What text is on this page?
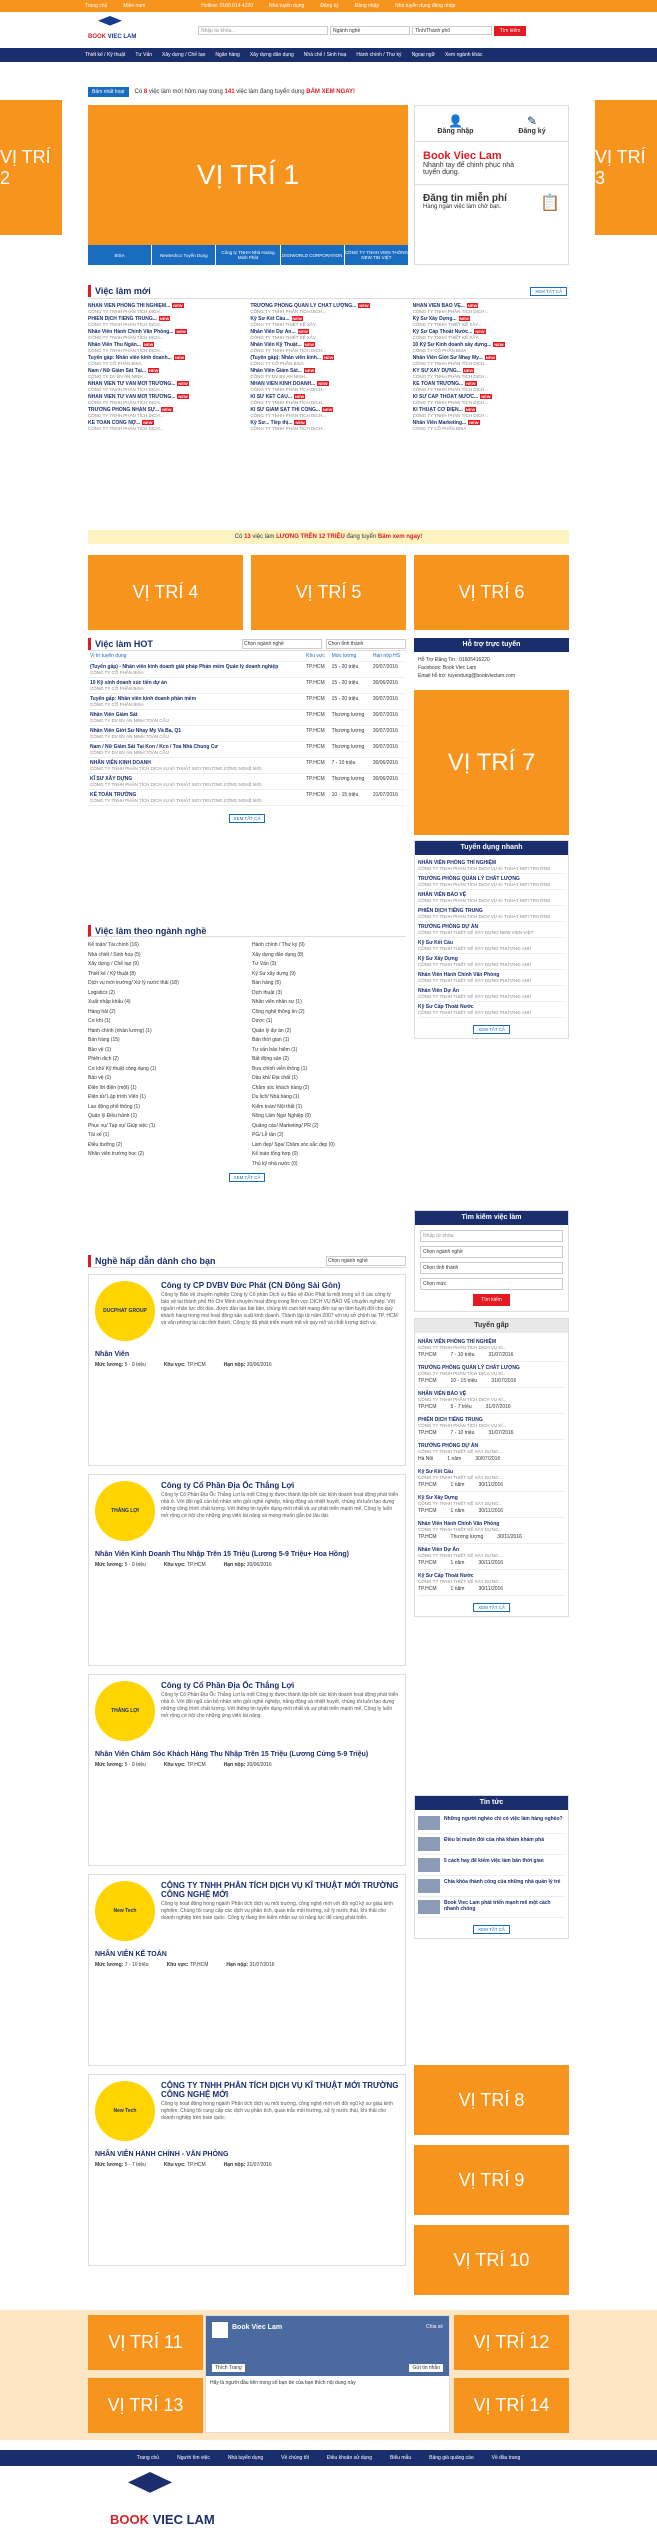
Trang chủ	Miền nam	Hotline: 0160 614 4220	Nhà tuyển dụng	Đăng ký	Đăng nhập	Nhà tuyển dụng đăng nhập
BOOK VIEC LAM
Nhập từ khóa...	Ngành nghề	Tỉnh/Thành phố	Tìm kiếm
Thiết kế / Kỹ thuật Tư Vấn Xây dựng / Chế tạo Ngân hàng Xây dựng dân dụng Nhà chế / Sinh hoạ Hành chính / Thư ký Ngoại ngữ Xem ngành khác
VỊ TRÍ 2
VỊ TRÍ 3
Bấm nhất hoạt	Có 8 việc làm mới hôm nay trong 141 việc làm đang tuyển dụng BẤM XEM NGAY!
VỊ TRÍ 1
BISA	Newtechco Tuyển Dụng	Công ty TNHH Nhà Hoàng Minh Phát	DIGIWORLD CORPORATION CÔNG TY TNHH VIEN THÔNG NEW TIN VIỆT
👤
Đăng nhập
✎
Đăng ký
Book Viec Lam
Nhanh tay để chinh phục nhà tuyển dụng.
Đăng tin miễn phí
Hàng ngàn việc làm chờ bạn.	📋
Việc làm mới	XEM TẤT CẢ
NHÂN VIÊN PHÒNG THÍ NGHIỆM... NEW
CÔNG TY TNHH PHÂN TÍCH DỊCH...
TRƯỞNG PHÒNG QUẢN LÝ CHẤT LƯỢNG... NEW
CÔNG TY TNHH PHÂN TÍCH DỊCH...
NHÂN VIÊN BẢO VỆ... NEW
CÔNG TY TNHH PHÂN TÍCH DỊCH...
PHIÊN DỊCH TIẾNG TRUNG... NEW
CÔNG TY TNHH PHÂN TÍCH DỊCH...
Kỹ Sư Kết Cấu... NEW
CÔNG TY TNHH THIẾT KẾ XÂY...
Kỹ Sư Xây Dựng... NEW
CÔNG TY TNHH THIẾT KẾ XÂY...
Nhân Viên Hành Chính Văn Phòng... NEW
CÔNG TY TNHH PHÂN TÍCH DỊCH...
Nhân Viên Dự Án... NEW
CÔNG TY TNHH THIẾT KẾ XÂY...
Kỹ Sư Cấp Thoát Nước... NEW
CÔNG TY TNHH THIẾT KẾ XÂY...
Nhân Viên Thu Ngân... NEW
CÔNG TY TNHH PHÂN TÍCH DỊCH...
Nhân Viên Kỹ Thuật... NEW
CÔNG TY TNHH PHÂN TÍCH DỊCH...
10 Kỹ Sư Kinh doanh xây dựng... NEW
CÔNG TY CỔ PHẦN BISA
Tuyển gấp: Nhân viên kinh doanh... NEW
CÔNG TY CỔ PHẦN BISA
(Tuyển gấp): Nhân viên kinh... NEW
CÔNG TY CỔ PHẦN BISA
Nhân Viên Giới Sư Nhay My... NEW
CÔNG TY TNHH PHÂN TÍCH DỊCH...
Nam / Nữ Giám Sát Tại... NEW
CÔNG TY DV BV AN NINH...
Nhân Viên Giám Sát... NEW
CÔNG TY DV BV AN NINH...
KỸ SƯ XÂY DỰNG... NEW
CÔNG TY TNHH PHÂN TÍCH DỊCH...
NHÂN VIÊN TƯ VẤN MỚI TRƯỜNG... NEW
CÔNG TY TNHH PHÂN TÍCH DỊCH...
NHÂN VIÊN KINH DOANH... NEW
CÔNG TY TNHH PHÂN TÍCH DỊCH...
KẾ TOÁN TRƯỞNG... NEW
CÔNG TY TNHH PHÂN TÍCH DỊCH...
NHÂN VIÊN TƯ VẤN MỚI TRƯỜNG... NEW
CÔNG TY TNHH PHÂN TÍCH DỊCH...
KĨ SƯ KẾT CẤU... NEW
CÔNG TY TNHH PHÂN TÍCH DỊCH...
KĨ SƯ CẤP THOÁT NƯỚC... NEW
CÔNG TY TNHH PHÂN TÍCH DỊCH...
TRƯỞNG PHÒNG NHÂN SỰ... NEW
CÔNG TY TNHH PHÂN TÍCH DỊCH...
KĨ SƯ GIÁM SÁT THI CÔNG... NEW
CÔNG TY TNHH PHÂN TÍCH DỊCH...
KĨ THUẬT CƠ ĐIỆN... NEW
CÔNG TY TNHH PHÂN TÍCH DỊCH...
KẾ TOÁN CÔNG NỢ... NEW
CÔNG TY TNHH PHÂN TÍCH DỊCH...
Kỹ Sư... Tiếp thị... NEW
CÔNG TY TNHH PHÂN TÍCH DỊCH...
Nhân Viên Marketing... NEW
CÔNG TY CỔ PHẦN BISA
Có 13 việc làm LƯƠNG TRÊN 12 TRIỆU đang tuyển Bấm xem ngay!
VỊ TRÍ 4	VỊ TRÍ 5	VỊ TRÍ 6
Việc làm HOT	Chọn ngành nghề	Chọn tỉnh thành
Vị trí tuyển dụng	Khu vực	Mức lương	Hạn nộp HS

(Tuyển gấp) - Nhân viên kinh doanh giải pháp Phần mềm Quản lý doanh nghiệp
CÔNG TY CỔ PHẦN BISA	TP.HCM	15 - 20 triệu	20/07/2016

10 Kỹ sinh doanh xúc tiến dự án
CÔNG TY CỔ PHẦN BISA	TP.HCM	15 - 20 triệu	30/06/2016

Tuyển gấp: Nhân viên kinh doanh phần mềm
CÔNG TY CỔ PHẦN BISA	TP.HCM	15 - 20 triệu	30/07/2016

Nhân Viên Giám Sát
CÔNG TY DV BV AN NINH TOÀN CẦU	TP.HCM	Thương lượng	30/07/2016

Nhân Viên Giới Sư Nhay My Và Ba, Q1
CÔNG TY DV BV AN NINH TOÀN CẦU	TP.HCM	Thương lượng	30/07/2016

Nam / Nữ Giám Sát Tại Kon / Kcn / Toa Nhà Chung Cư
CÔNG TY DV BV AN NINH TOÀN CẦU	TP.HCM	Thương lượng	30/07/2016

NHÂN VIÊN KINH DOANH
CÔNG TY TNHH PHÂN TÍCH DỊCH VỤ KĨ THUẬT MỚI TRƯỜNG CÔNG NGHỆ MỚI	TP.HCM	7 - 10 triệu	30/06/2016

KĨ SƯ XÂY DỰNG
CÔNG TY TNHH PHÂN TÍCH DỊCH VỤ KĨ THUẬT MỚI TRƯỜNG CÔNG NGHỆ MỚI	TP.HCM	Thương lượng	30/06/2016

KẾ TOÁN TRƯỞNG
CÔNG TY TNHH PHÂN TÍCH DỊCH VỤ KĨ THUẬT MỚI TRƯỜNG CÔNG NGHỆ MỚI	TP.HCM	10 - 15 triệu	31/07/2016
XEM TẤT CẢ
Hỗ trợ trực tuyến
Hỗ Trợ Đăng Tin : 01605416220
Facebook: Book Viec Lam
Email hỗ trợ: tuyendung@bookvieclam.com
VỊ TRÍ 7
Tuyển dụng nhanh
NHÂN VIÊN PHÒNG THÍ NGHIỆM
CÔNG TY TNHH PHÂN TÍCH DỊCH VỤ KĨ THUẬT MỚI TRƯỜNG
TRƯỞNG PHÒNG QUẢN LÝ CHẤT LƯỢNG
CÔNG TY TNHH PHÂN TÍCH DỊCH VỤ KĨ THUẬT MỚI TRƯỜNG
NHÂN VIÊN BẢO VỆ
CÔNG TY TNHH PHÂN TÍCH DỊCH VỤ KĨ THUẬT MỚI TRƯỜNG
PHIÊN DỊCH TIẾNG TRUNG
CÔNG TY TNHH PHÂN TÍCH DỊCH VỤ KĨ THUẬT MỚI TRƯỜNG
TRƯỞNG PHÒNG DỰ ÁN
CÔNG TY TNHH THIẾT KẾ XÂY DỰNG NEW VIEN VIỆT
Kỹ Sư Kết Cấu
CÔNG TY TNHH THIẾT KẾ XÂY DỰNG PHƯƠNG ANH
Kỹ Sư Xây Dựng
CÔNG TY TNHH THIẾT KẾ XÂY DỰNG PHƯƠNG ANH
Nhân Viên Hành Chính Văn Phòng
CÔNG TY TNHH THIẾT KẾ XÂY DỰNG PHƯƠNG ANH
Nhân Viên Dự Án
CÔNG TY TNHH THIẾT KẾ XÂY DỰNG PHƯƠNG ANH
Kỹ Sư Cấp Thoát Nước
CÔNG TY TNHH THIẾT KẾ XÂY DỰNG PHƯƠNG ANH
XEM TẤT CẢ
Việc làm theo ngành nghề
Kế toán/ Tài chính (16)
Nhà chiết / Sinh hoạ (5)
Xây dựng / Chế tạo (9)
Thiết kế / Kỹ thuật (8)
Dịch vụ mới trường/ Xử lý nước thải (18)
Logistics (2)
Xuất nhập khẩu (4)
Hàng hải (2)
Cơ khí (1)
Hành chính (nhân lương) (1)
Bán hàng (15)
Bảo vệ (1)
Phiên dịch (2)
Cơ khí/ Kỹ thuật công dụng (1)
Bảo vệ (1)
Điện lời điện (một) (1)
Điện tử/ Lập trình Viên (1)
Lao động phổ thông (1)
Quản lý Điều hành (1)
Phục vụ/ Tạp vụ/ Giúp việc (1)
Tài xế (1)
Điều dưỡng (2)
Nhân viên trường học (2)
Hành chính / Thư ký (9)
Xây dựng dân dụng (8)
Tư Vấn (3)
Kỹ Sư xây dựng (9)
Bán hàng (5)
Dịch thuật (3)
Nhân viên nhân sự (1)
Công nghệ thông tin (2)
Dược (1)
Quản lý dự án (2)
Bán thời gian (1)
Tư vấn bảo hiểm (1)
Bất động sản (2)
Bưu chính viễn thông (1)
Dầu khí/ Địa chất (1)
Chăm sóc khách hàng (2)
Du lịch/ Nhà hàng (1)
Kiểm toán/ Nội thất (1)
Nông Lâm Ngư Nghiệp (0)
Quảng cáo/ Marketing/ PR (2)
PG/ Lễ tân (2)
Làm đẹp/ Spa/ Chăm sóc sắc đẹp (0)
Kế toán tổng hợp (0)
Thủ kỹ nhà nước (0)
XEM TẤT CẢ
Tìm kiếm việc làm
Nhập từ khóa
Chọn ngành nghề
Chọn tỉnh thành
Chọn mức
Tìm kiếm
Nghề hấp dẫn dành cho bạn	Chọn ngành nghề
DUCPHAT GROUP
Công ty CP DVBV Đức Phát (CN Đông Sài Gòn)
Công ty Bảo vệ chuyên nghiệp Công ty Cổ phần Dịch vụ Bảo vệ Đức Phát là một trong số ít các công ty bảo vệ tại thành phố Hồ Chí Minh chuyên hoạt động trong lĩnh vực DỊCH VỤ BẢO VỆ chuyên nghiệp. Với nguồn nhân lực dồi dào, được đào tạo bài bản, chúng tôi cam kết mang đến sự an tâm tuyệt đối cho quý khách hàng trong mọi hoạt động sản xuất kinh doanh. Thành lập từ năm 2007 với trụ sở chính tại TP. HCM và văn phòng tại các tỉnh thành, Công ty đã phát triển mạnh mẽ về quy mô và chất lượng dịch vụ.
Nhân Viên
Mức lương: 5 - 9 triệu	Khu vực: TP.HCM	Hạn nộp: 30/06/2016
THẮNG LỢI
Công ty Cổ Phần Địa Ốc Thắng Lợi
Công ty Cổ Phần Địa Ốc Thắng Lợi là một Công ty được thành lập bởi các kinh doanh hoạt động phát triển nhà ở. Với đội ngũ cán bộ nhân viên giỏi nghề nghiệp, năng động và nhiệt huyết, chúng tôi luôn tạo dựng những công trình chất lượng. Với thông tin tuyển dụng mới nhất và sự phát triển mạnh mẽ, Công ty luôn mở rộng cơ hội cho những ứng viên tài năng và mong muốn gắn bó lâu dài.
Nhân Viên Kinh Doanh Thu Nhập Trên 15 Triệu (Lương 5-9 Triệu+ Hoa Hồng)
Mức lương: 5 - 9 triệu	Khu vực: TP.HCM	Hạn nộp: 30/06/2016
THẮNG LỢI
Công ty Cổ Phần Địa Ốc Thắng Lợi
Công ty Cổ Phần Địa Ốc Thắng Lợi là một Công ty được thành lập bởi các kinh doanh hoạt động phát triển nhà ở. Với đội ngũ cán bộ nhân viên giỏi nghề nghiệp, năng động và nhiệt huyết, chúng tôi luôn tạo dựng những công trình chất lượng. Với thông tin tuyển dụng mới nhất và sự phát triển mạnh mẽ, Công ty luôn mở rộng cơ hội cho những ứng viên tài năng.
Nhân Viên Chăm Sóc Khách Hàng Thu Nhập Trên 15 Triệu (Lương Cứng 5-9 Triệu)
Mức lương: 5 - 9 triệu	Khu vực: TP.HCM	Hạn nộp: 30/06/2016
New Tech
CÔNG TY TNHH PHÂN TÍCH DỊCH VỤ KĨ THUẬT MỚI TRƯỜNG CÔNG NGHỆ MỚI
Công ty hoạt động trong ngành Phân tích dịch vụ môi trường, công nghệ mới với đội ngũ kỹ sư giàu kinh nghiệm. Chúng tôi cung cấp các dịch vụ phân tích, quan trắc môi trường, xử lý nước thải, khí thải cho doanh nghiệp trên toàn quốc. Công ty đang tìm kiếm nhân sự có năng lực để cùng phát triển.
NHÂN VIÊN KẾ TOÁN
Mức lương: 7 - 10 triệu	Khu vực: TP.HCM	Hạn nộp: 31/07/2016
New Tech
CÔNG TY TNHH PHÂN TÍCH DỊCH VỤ KĨ THUẬT MỚI TRƯỜNG CÔNG NGHỆ MỚI
Công ty hoạt động trong ngành Phân tích dịch vụ môi trường, công nghệ mới với đội ngũ kỹ sư giàu kinh nghiệm. Chúng tôi cung cấp các dịch vụ phân tích, quan trắc môi trường, xử lý nước thải, khí thải cho doanh nghiệp trên toàn quốc.
NHÂN VIÊN HÀNH CHÍNH - VĂN PHÒNG
Mức lương: 5 - 7 triệu	Khu vực: TP.HCM	Hạn nộp: 31/07/2016
Tuyển gấp
NHÂN VIÊN PHÒNG THÍ NGHIỆM
CÔNG TY TNHH PHÂN TÍCH DỊCH VỤ KĨ...
TP.HCM	7 - 10 triệu	31/07/2016
TRƯỞNG PHÒNG QUẢN LÝ CHẤT LƯỢNG
CÔNG TY TNHH PHÂN TÍCH DỊCH VỤ KĨ...
TP.HCM	10 - 15 triệu	31/07/2016
NHÂN VIÊN BẢO VỆ
CÔNG TY TNHH PHÂN TÍCH DỊCH VỤ KĨ...
TP.HCM	5 - 7 triệu	31/07/2016
PHIÊN DỊCH TIẾNG TRUNG
CÔNG TY TNHH PHÂN TÍCH DỊCH VỤ KĨ...
TP.HCM	7 - 10 triệu	31/07/2016
TRƯỞNG PHÒNG DỰ ÁN
CÔNG TY TNHH THIẾT KẾ XÂY DỰNG...
Hà Nội	1 năm	30/07/2016
Kỹ Sư Kết Cấu
CÔNG TY TNHH THIẾT KẾ XÂY DỰNG...
TP.HCM	1 năm	30/11/2016
Kỹ Sư Xây Dựng
CÔNG TY TNHH THIẾT KẾ XÂY DỰNG...
TP.HCM	1 năm	30/11/2016
Nhân Viên Hành Chính Văn Phòng
CÔNG TY TNHH THIẾT KẾ XÂY DỰNG...
TP.HCM	Thương lượng	30/11/2016
Nhân Viên Dự Án
CÔNG TY TNHH THIẾT KẾ XÂY DỰNG...
TP.HCM	1 năm	30/11/2016
Kỹ Sư Cấp Thoát Nước
CÔNG TY TNHH THIẾT KẾ XÂY DỰNG...
TP.HCM	1 năm	30/11/2016
XEM TẤT CẢ
Tin tức
Những người nghèo chi có việc làm hàng nghèo?
Điều bí muôn đòi của nhà khám khám phá
5 cách hay để kiếm việc làm bán thời gian
Chia khóa thành công của những nhà quản lý trẻ
Book Viec Lam phát triển mạnh mẽ một cách nhanh chóng
XEM TẤT CẢ
VỊ TRÍ 8
VỊ TRÍ 9
VỊ TRÍ 10
VỊ TRÍ 11
VỊ TRÍ 13
VỊ TRÍ 12
VỊ TRÍ 14
Book Viec Lam	Chia sẻ
Thích Trang	Gửi tin nhắn
Hãy là người đầu tiên trong số bạn bè của bạn thích nội dung này
Trang chủ	Người tìm việc	Nhà tuyển dụng	Về chúng tôi	Điều khoản sử dụng	Biểu mẫu	Bảng giá quảng cáo	Về đầu trang
BOOK VIEC LAM
